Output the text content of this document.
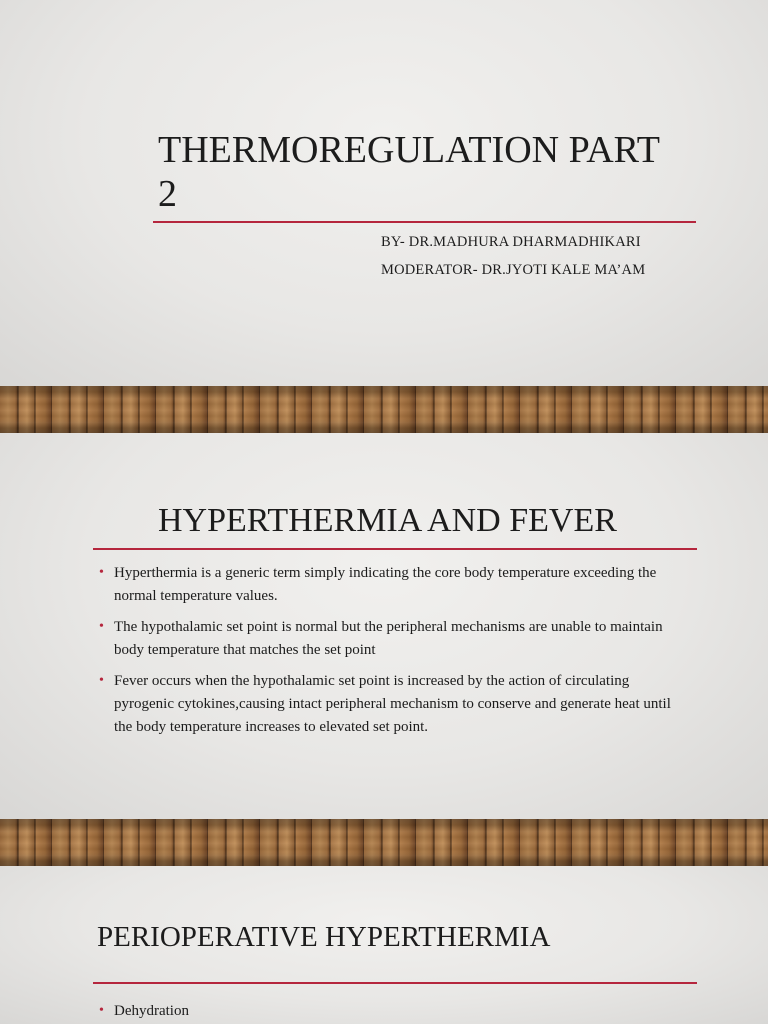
THERMOREGULATION PART 2
BY- DR.MADHURA DHARMADHIKARI
MODERATOR- DR.JYOTI KALE MA’AM
HYPERTHERMIA AND FEVER
• Hyperthermia is a generic term simply indicating the core body temperature exceeding the normal temperature values.
• The hypothalamic set point is normal but the peripheral mechanisms are unable to maintain body temperature that matches the set point
• Fever occurs when the hypothalamic set point is increased by the action of circulating pyrogenic cytokines,causing intact peripheral mechanism to conserve and generate heat until the body temperature increases to elevated set point.
PERIOPERATIVE HYPERTHERMIA
• Dehydration
